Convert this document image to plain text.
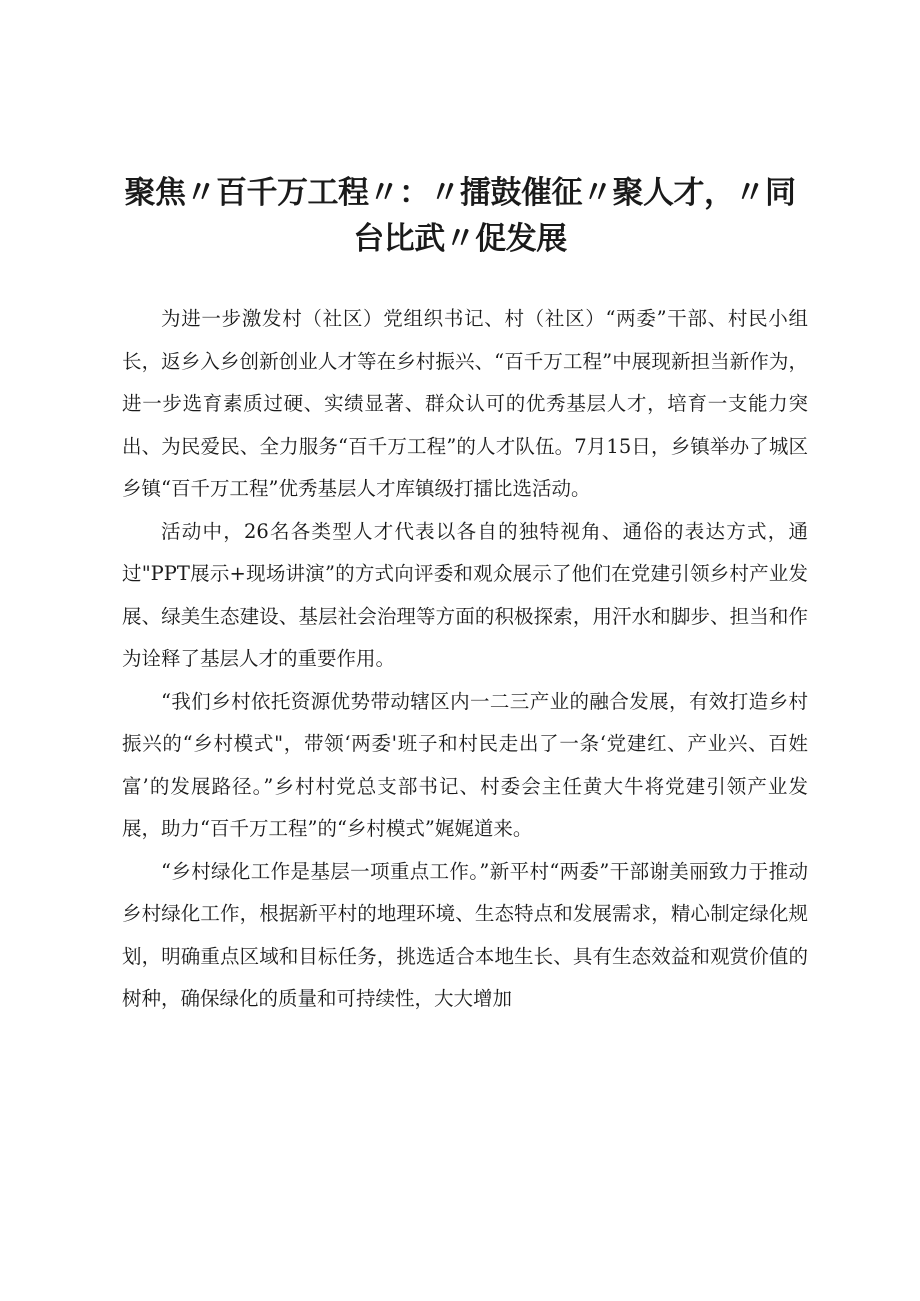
聚焦〃百千万工程〃：〃擂鼓催征〃聚人才，〃同台比武〃促发展

为进一步激发村（社区）党组织书记、村（社区）“两委”干部、村民小组长，返乡入乡创新创业人才等在乡村振兴、“百千万工程”中展现新担当新作为，进一步选育素质过硬、实绩显著、群众认可的优秀基层人才，培育一支能力突出、为民爱民、全力服务“百千万工程”的人才队伍。7月15日，乡镇举办了城区乡镇“百千万工程”优秀基层人才库镇级打擂比选活动。

活动中，26名各类型人才代表以各自的独特视角、通俗的表达方式，通过"PPT展示+现场讲演”的方式向评委和观众展示了他们在党建引领乡村产业发展、绿美生态建设、基层社会治理等方面的积极探索，用汗水和脚步、担当和作为诠释了基层人才的重要作用。

“我们乡村依托资源优势带动辖区内一二三产业的融合发展，有效打造乡村振兴的“乡村模式"，带领‘两委'班子和村民走出了一条‘党建红、产业兴、百姓富’的发展路径。”乡村村党总支部书记、村委会主任黄大牛将党建引领产业发展，助力“百千万工程”的“乡村模式”娓娓道来。

“乡村绿化工作是基层一项重点工作。”新平村“两委”干部谢美丽致力于推动乡村绿化工作，根据新平村的地理环境、生态特点和发展需求，精心制定绿化规划，明确重点区域和目标任务，挑选适合本地生长、具有生态效益和观赏价值的树种，确保绿化的质量和可持续性，大大增加
